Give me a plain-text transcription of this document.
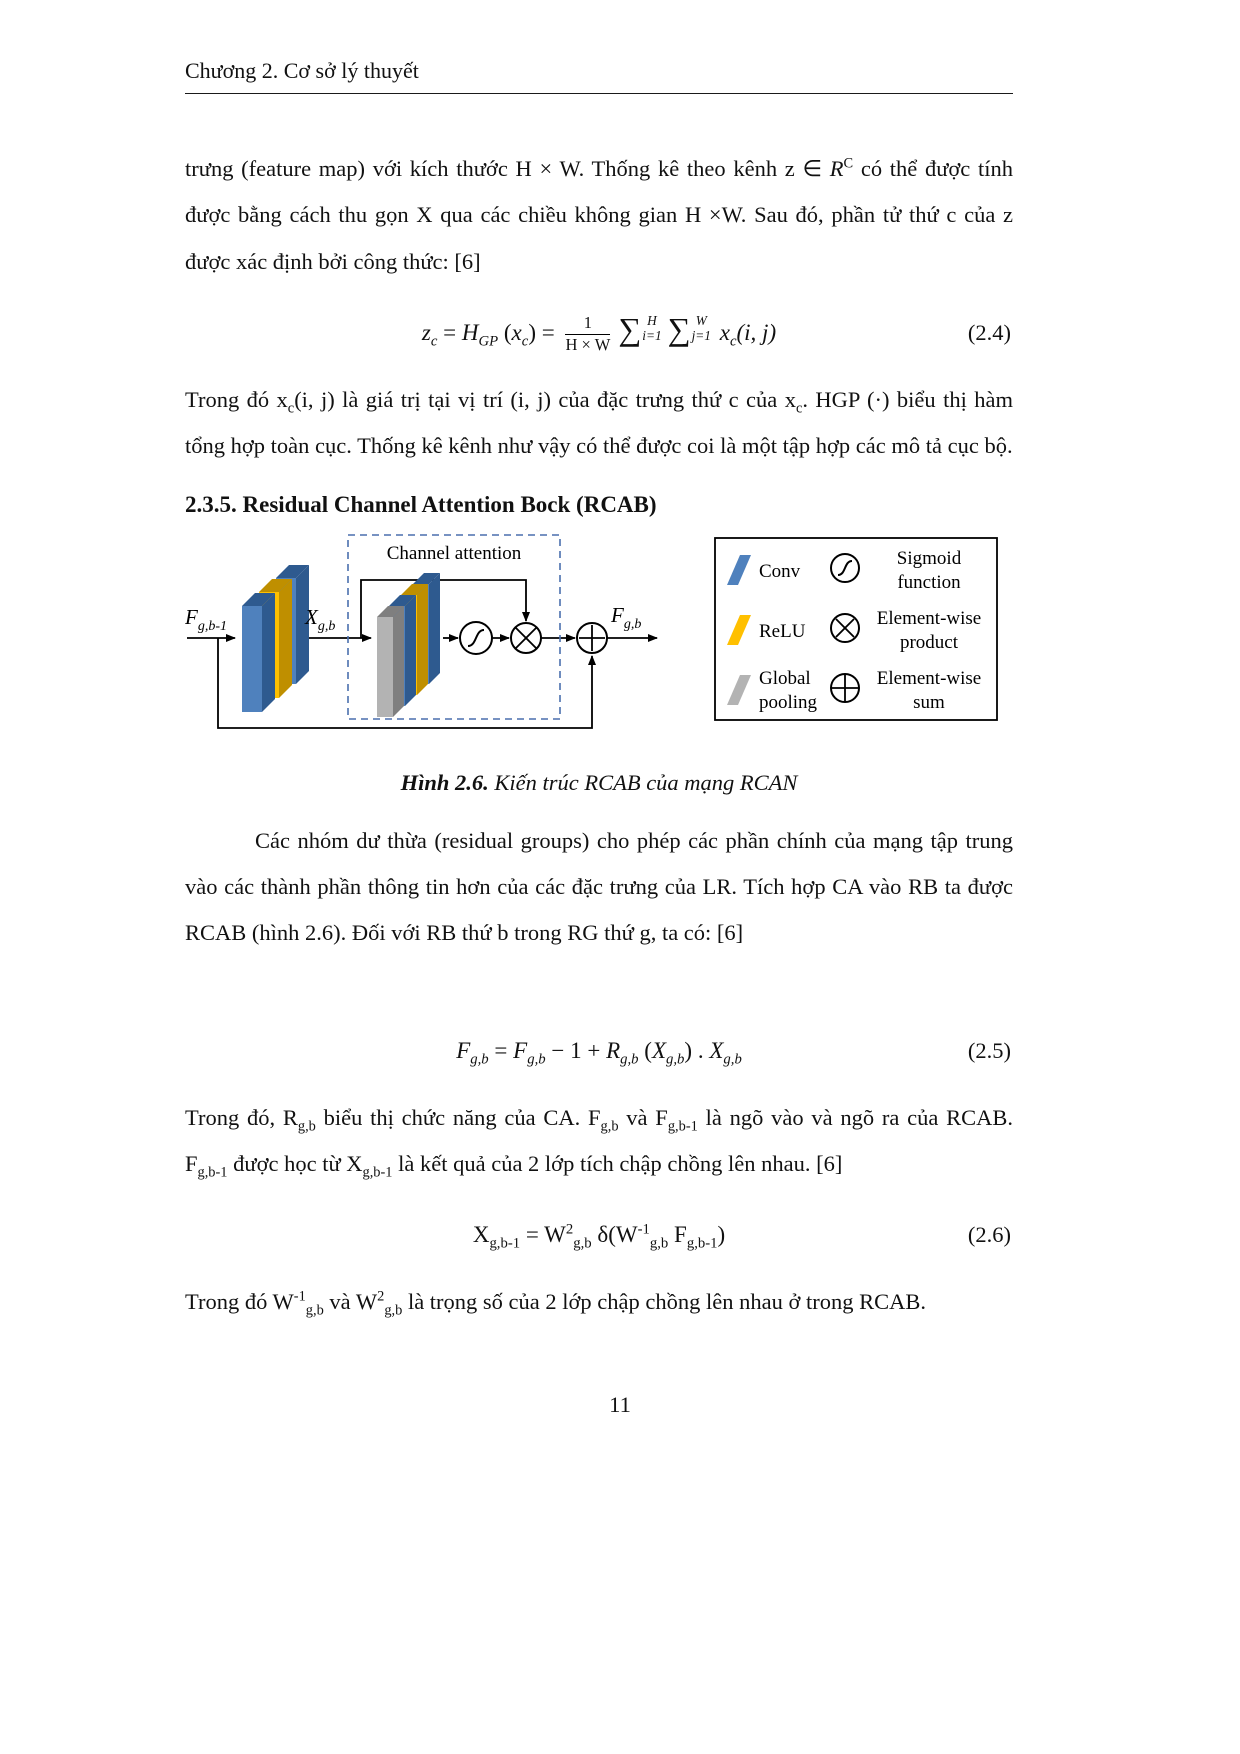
Chương 2. Cơ sở lý thuyết

trưng (feature map) với kích thước H × W. Thống kê theo kênh z ∈ $R^C$ có thể được tính được bằng cách thu gọn X qua các chiều không gian H ×W. Sau đó, phần tử thứ c của z được xác định bởi công thức: [6]

$z_c = H_{GP}$ $(x_c) = \frac{1}{H \times W}$ ∑ H
i=1 ∑ W
j=1 $x_c(i$, j)	(2.4)

Trong đó $x_c(i$, j) là giá trị tại vị trí (i, j) của đặc trưng thứ c của $x_c$. HGP (·) biểu thị hàm tổng hợp toàn cục. Thống kê kênh như vậy có thể được coi là một tập hợp các mô tả cục bộ.

2.3.5. Residual Channel Attention Bock (RCAB)
Channel attention
$F_{g,b-1}$	$X_{g,b}$	$F_{g,b}$
Conv
ReLU
Global
pooling
Sigmoid
function
Element-wise
product
Element-wise
sum
Hình 2.6. Kiến trúc RCAB của mạng RCAN

Các nhóm dư thừa (residual groups) cho phép các phần chính của mạng tập trung vào các thành phần thông tin hơn của các đặc trưng của LR. Tích hợp CA vào RB ta được RCAB (hình 2.6). Đối với RB thứ b trong RG thứ g, ta có: [6]

$F_{g,b} = F_{g,b} - 1 + R_{g,b}$ $(X_{g,b})$ . $X_{g,b}$	(2.5)

Trong đó, $R_{g,b}$ biểu thị chức năng của CA. $F_{g,b}$ và $F_{g,b-1}$ là ngõ vào và ngõ ra của RCAB. $F_{g,b-1}$ được học từ $X_{g,b-1}$ là kết quả của 2 lớp tích chập chồng lên nhau. [6]

$X_{g,b-1} = W^2_{g,b}$ $\delta(W^{-1}_{g,b}$ $F_{g,b-1}$)	(2.6)

Trong đó $W^{-1}_{g,b}$ và $W^2_{g,b}$ là trọng số của 2 lớp chập chồng lên nhau ở trong RCAB.

11
